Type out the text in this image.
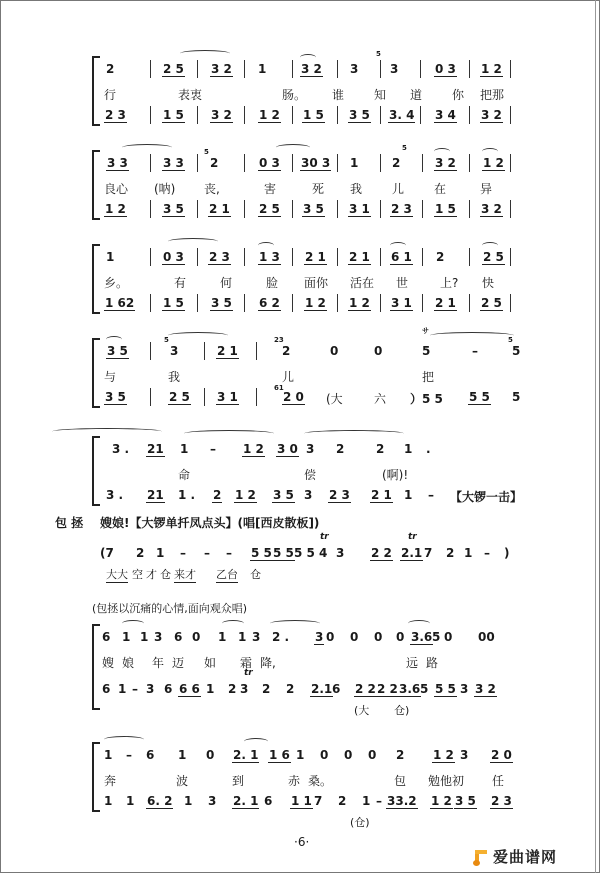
5
2	2 5 3 2 1	3 2 3	3	0 3 1 2
行	表衷	肠。 谁 知 道 你 把那
2 3	1 5 3 2 1 2 1 5 3 5 3. 4 3 4 3 2
5	5
3 3	3 3 2	0 3 30 3 1	2	3 2 1 2
良心 (呐) 丧,	害	死 我 儿 在	异
1 2	3 5 2 1 2 5 3 5 3 1 2 3 1 5 3 2
1	0 3 2 3 1 3 2 1 2 1 6 1 2	2 5
乡。	有	何	脸 面你 活在 世	上? 快
1 62 1 5 3 5 6 2 1 2 1 2 3 1 2 1 2 5
5	23
サ
5
3 5	3	2 1	2	0	0	5	–	5
与	我	儿	把
3 5	2 5 3 1
61
2 0 (大	六 ）5 5 5 5 5
3 . 21 1 – 1 2 3 0 3 2	2 1 .
命	偿	(啊)!
3 . 21 1 . 2 1 2 3 5 3 2 3 2 1 1 – 【大锣一击】
包 拯 嫂娘!【大锣单扦凤点头】(唱[西皮散板])
tr	tr
(7 2 1 – – – 5 5 5 5 5 5 4 3 2 2 2.1 7 2 1 – )
大大 空 才 仓 来才 乙台 仓
(包拯以沉痛的心情,面向观众唱)
6 1 1 3 6 0 1 1 3 2 . 3 0 0 0 0 3.6 5 0 00
嫂 娘 年 迈 如 霜 降,	远 路
tr
6 1 – 3 6 6 6 1 2 3 2 2 2.1 6 2 2 2 2 3.6 5 5 5 3 3 2
(大 仓)
1 – 6 1 0 2. 1 1 6 1 0 0 0 2 1 2 3 2 0
奔	波	到	赤 桑。	包 勉他初 任
1 1 6. 2 1 3 2. 1 6 1 1 7 2 1 – 33.2 1 2 3 5 2 3
(仓)
·6·
爱曲谱网
